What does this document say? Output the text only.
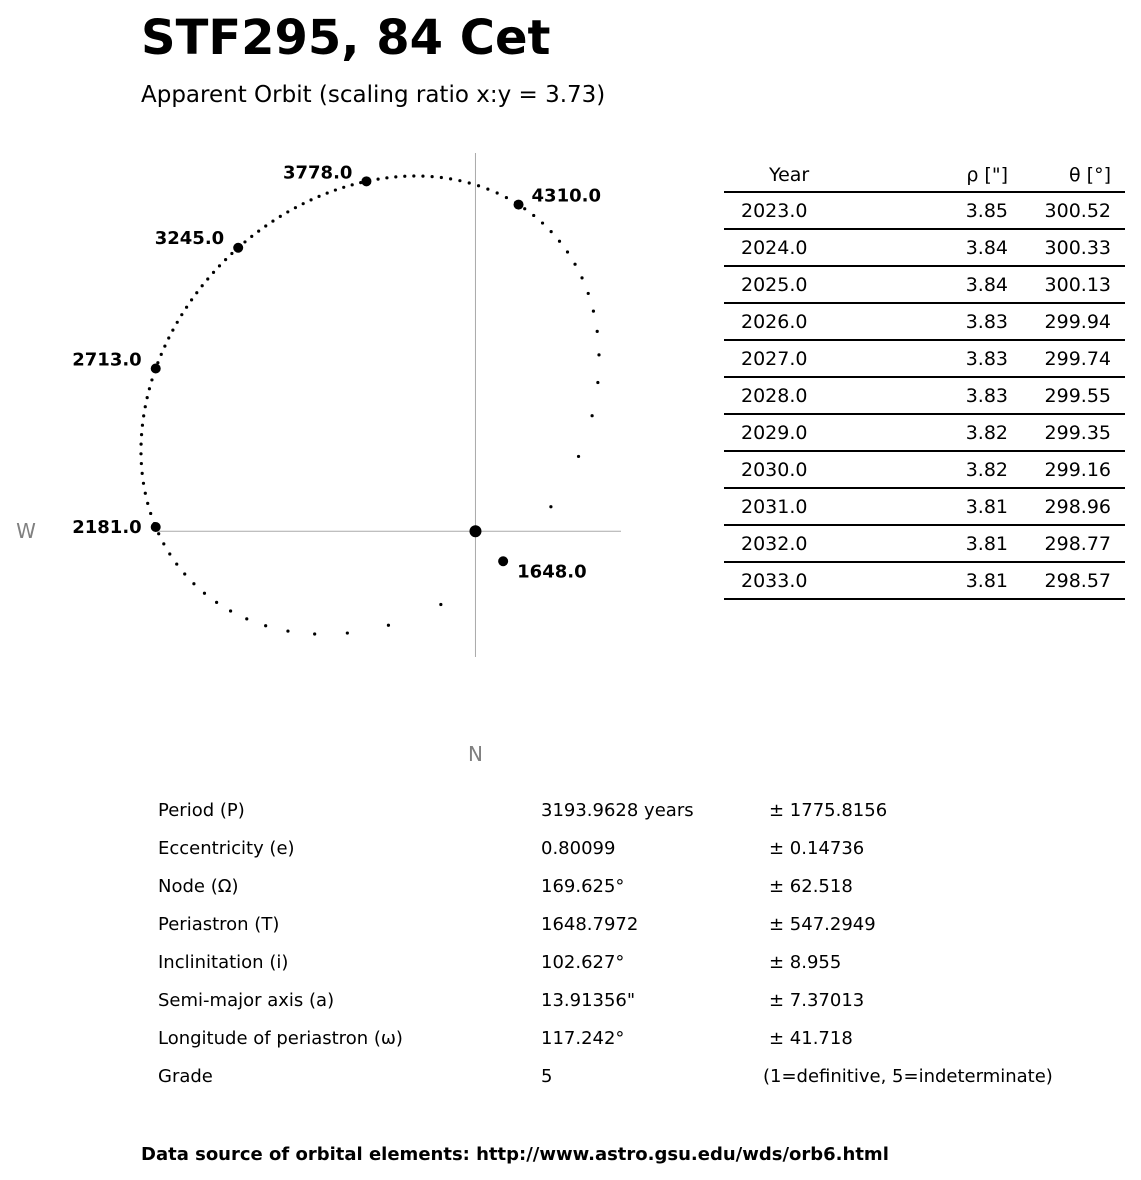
STF295, 84 Cet
Apparent Orbit (scaling ratio x:y = 3.73)
1648.0
2181.0
2713.0
3245.0
3778.0
4310.0
W
N
Year	ρ ["]	θ [°]
2023.0	3.85	300.52
2024.0	3.84	300.33
2025.0	3.84	300.13
2026.0	3.83	299.94
2027.0	3.83	299.74
2028.0	3.83	299.55
2029.0	3.82	299.35
2030.0	3.82	299.16
2031.0	3.81	298.96
2032.0	3.81	298.77
2033.0	3.81	298.57
Period (P)	3193.9628 years	± 1775.8156
Eccentricity (e)	0.80099	± 0.14736
Node (Ω)	169.625°	± 62.518
Periastron (T)	1648.7972	± 547.2949
Inclinitation (i)	102.627°	± 8.955
Semi-major axis (a)	13.91356"	± 7.37013
Longitude of periastron (ω)	117.242°	± 41.718
Grade	5	(1=definitive, 5=indeterminate)
Data source of orbital elements: http://www.astro.gsu.edu/wds/orb6.html
